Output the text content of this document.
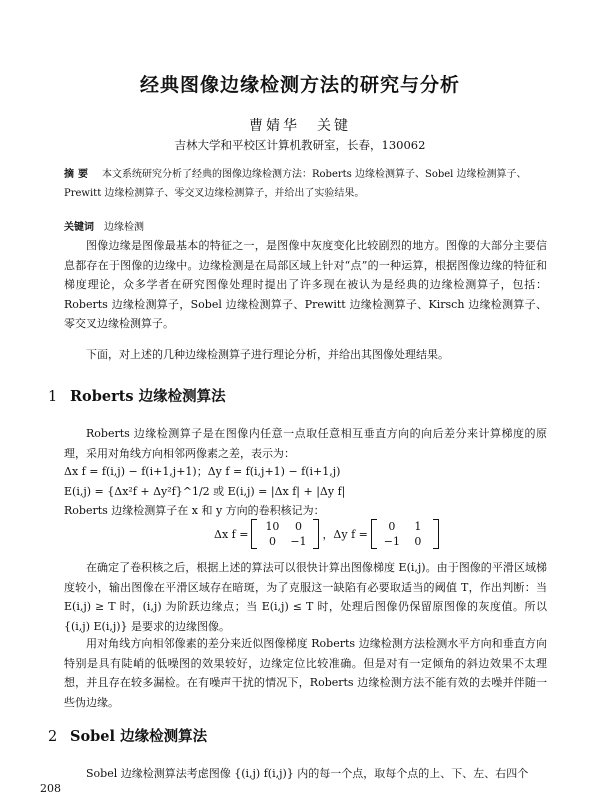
经典图像边缘检测方法的研究与分析
曹婧华　关键
吉林大学和平校区计算机教研室，长春，130062
摘要 本文系统研究分析了经典的图像边缘检测方法：Roberts 边缘检测算子、Sobel 边缘检测算子、Prewitt 边缘检测算子、零交叉边缘检测算子，并给出了实验结果。
关键词 边缘检测
图像边缘是图像最基本的特征之一，是图像中灰度变化比较剧烈的地方。图像的大部分主要信息都存在于图像的边缘中。边缘检测是在局部区域上针对“点”的一种运算，根据图像边缘的特征和梯度理论，众多学者在研究图像处理时提出了许多现在被认为是经典的边缘检测算子，包括：Roberts 边缘检测算子，Sobel 边缘检测算子、Prewitt 边缘检测算子、Kirsch 边缘检测算子、零交叉边缘检测算子。
下面，对上述的几种边缘检测算子进行理论分析，并给出其图像处理结果。
1 Roberts 边缘检测算法
Roberts 边缘检测算子是在图像内任意一点取任意相互垂直方向的向后差分来计算梯度的原理，采用对角线方向相邻两像素之差，表示为：
Δx f = f(i,j) − f(i+1,j+1)；Δy f = f(i,j+1) − f(i+1,j)
E(i,j) = {Δx²f + Δy²f}^1/2 或 E(i,j) = |Δx f| + |Δy f|
Roberts 边缘检测算子在 x 和 y 方向的卷积核记为：
Δx f =
10	0
0	−1
，Δy f =
0	1
−1	0
在确定了卷积核之后，根据上述的算法可以很快计算出图像梯度 E(i,j)。由于图像的平滑区域梯度较小，输出图像在平滑区域存在暗斑，为了克服这一缺陷有必要取适当的阈值 T，作出判断：当 E(i,j) ≥ T 时，(i,j) 为阶跃边缘点；当 E(i,j) ≤ T 时，处理后图像仍保留原图像的灰度值。所以 {(i,j) E(i,j)} 是要求的边缘图像。
用对角线方向相邻像素的差分来近似图像梯度 Roberts 边缘检测方法检测水平方向和垂直方向特别是具有陡峭的低噪图的效果较好，边缘定位比较准确。但是对有一定倾角的斜边效果不太理想，并且存在较多漏检。在有噪声干扰的情况下，Roberts 边缘检测方法不能有效的去噪并伴随一些伪边缘。
2 Sobel 边缘检测算法
Sobel 边缘检测算法考虑图像 {(i,j) f(i,j)} 内的每一个点，取每个点的上、下、左、右四个
208
